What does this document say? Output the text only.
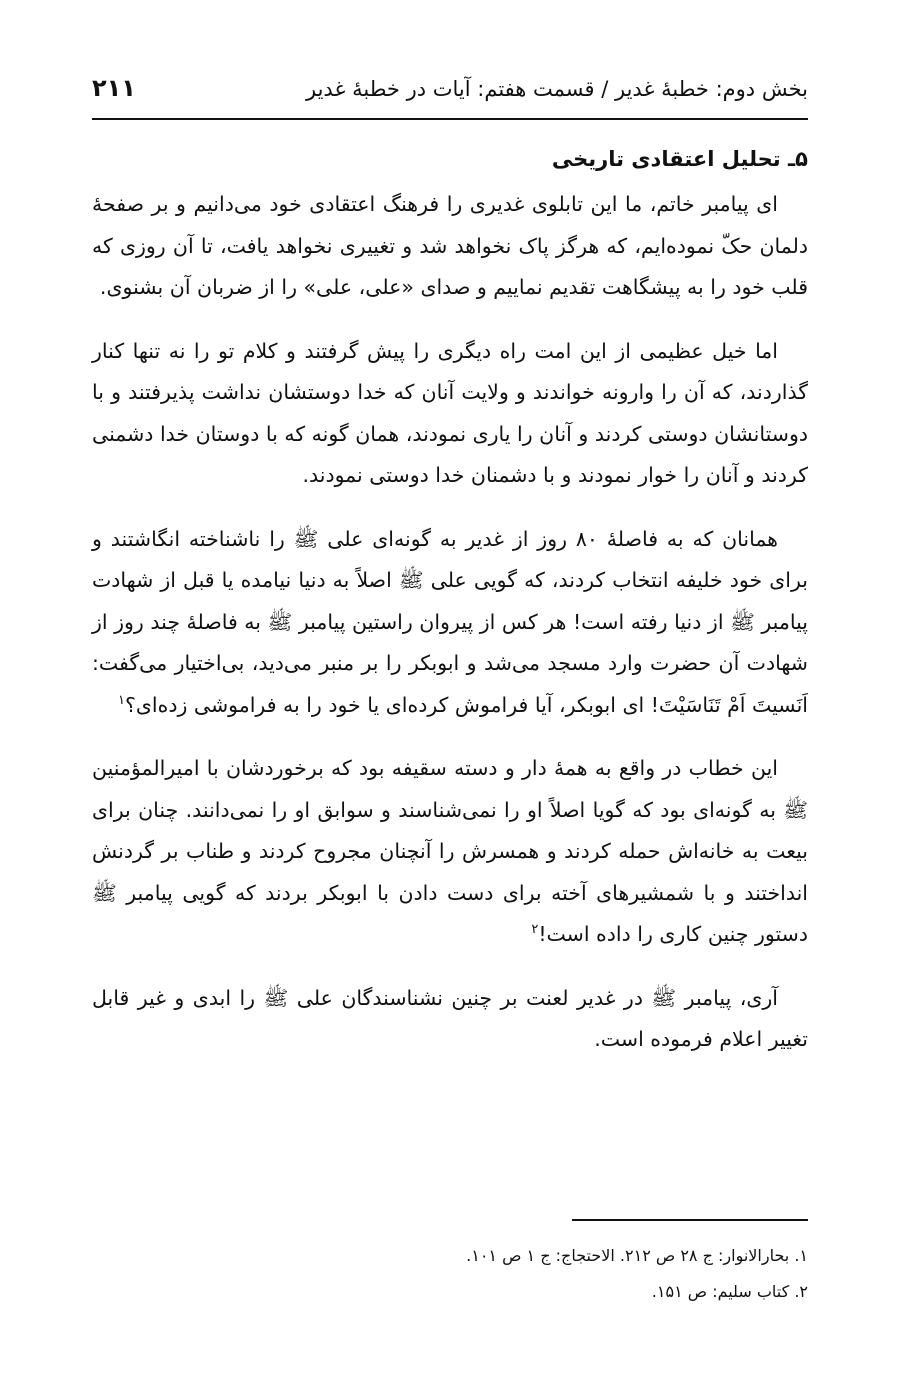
بخش دوم: خطبهٔ غدیر / قسمت هفتم: آیات در خطبهٔ غدیر
۲۱۱
۵ـ تحلیل اعتقادی تاریخی

ای پیامبر خاتم، ما این تابلوی غدیری را فرهنگ اعتقادی خود می‌دانیم و بر صفحهٔ دلمان حکّ نموده‌ایم، که هرگز پاک نخواهد شد و تغییری نخواهد یافت، تا آن روزی که قلب خود را به پیشگاهت تقدیم نماییم و صدای «علی، علی» را از ضربان آن بشنوی.

اما خیل عظیمی از این امت راه دیگری را پیش گرفتند و کلام تو را نه تنها کنار گذاردند، که آن را وارونه خواندند و ولایت آنان که خدا دوستشان نداشت پذیرفتند و با دوستانشان دوستی کردند و آنان را یاری نمودند، همان گونه که با دوستان خدا دشمنی کردند و آنان را خوار نمودند و با دشمنان خدا دوستی نمودند.

همانان که به فاصلهٔ ۸۰ روز از غدیر به گونه‌ای علی ﷺ را ناشناخته انگاشتند و برای خود خلیفه انتخاب کردند، که گویی علی ﷺ اصلاً به دنیا نیامده یا قبل از شهادت پیامبر ﷺ از دنیا رفته است! هر کس از پیروان راستین پیامبر ﷺ به فاصلهٔ چند روز از شهادت آن حضرت وارد مسجد می‌شد و ابوبکر را بر منبر می‌دید، بی‌اختیار می‌گفت: اَنَسیتَ اَمْ تَنَاسَیْتَ! ای ابوبکر، آیا فراموش کرده‌ای یا خود را به فراموشی زده‌ای؟$^۱$

این خطاب در واقع به همهٔ دار و دسته سقیفه بود که برخوردشان با امیرالمؤمنین ﷺ به گونه‌ای بود که گویا اصلاً او را نمی‌شناسند و سوابق او را نمی‌دانند. چنان برای بیعت به خانه‌اش حمله کردند و همسرش را آنچنان مجروح کردند و طناب بر گردنش انداختند و با شمشیرهای آخته برای دست دادن با ابوبکر بردند که گویی پیامبر ﷺ دستور چنین کاری را داده است!$^۲$

آری، پیامبر ﷺ در غدیر لعنت بر چنین نشناسندگان علی ﷺ را ابدی و غیر قابل تغییر اعلام فرموده است.

۱. بحارالانوار: ج ۲۸ ص ۲۱۲. الاحتجاج: ج ۱ ص ۱۰۱.
۲. کتاب سلیم: ص ۱۵۱.
